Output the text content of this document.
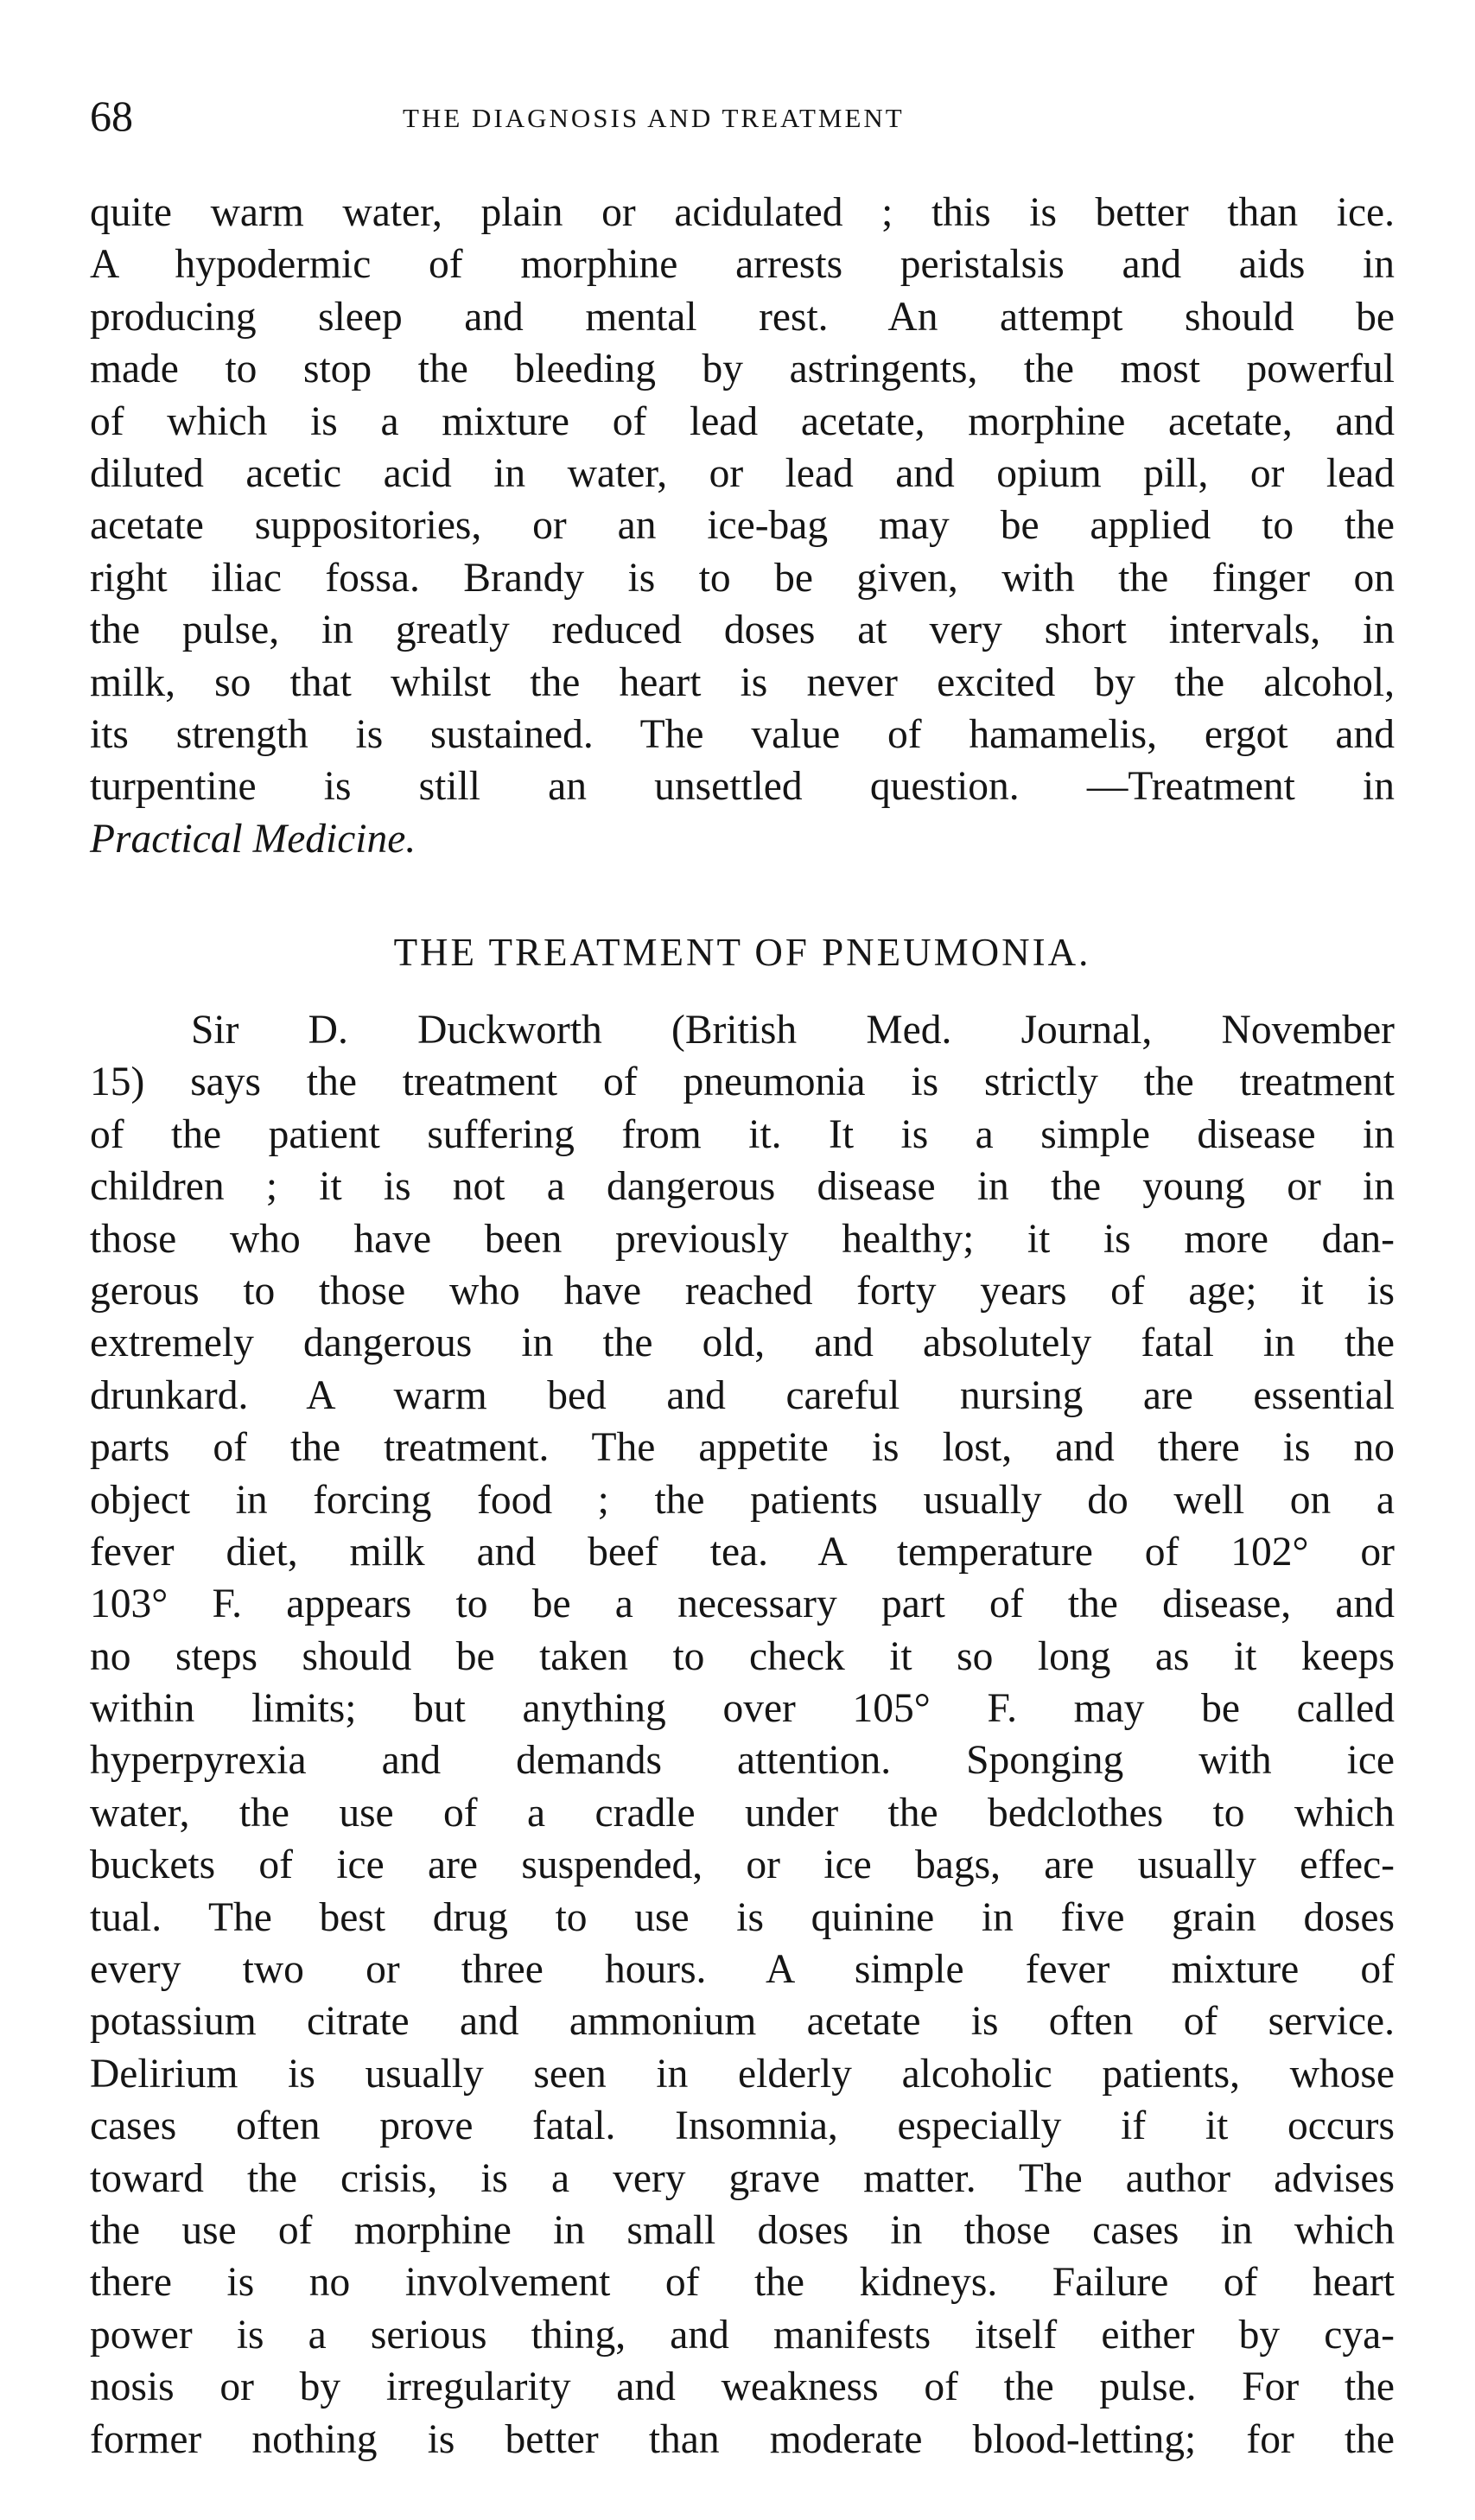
68	THE DIAGNOSIS AND TREATMENT

quite warm water, plain or acidulated ; this is better than ice.
A hypodermic of morphine arrests peristalsis and aids in
producing sleep and mental rest. An attempt should be
made to stop the bleeding by astringents, the most powerful
of which is a mixture of lead acetate, morphine acetate, and
diluted acetic acid in water, or lead and opium pill, or lead
acetate suppositories, or an ice-bag may be applied to the
right iliac fossa. Brandy is to be given, with the finger on
the pulse, in greatly reduced doses at very short intervals, in
milk, so that whilst the heart is never excited by the alcohol,
its strength is sustained. The value of hamamelis, ergot and
turpentine is still an unsettled question. —Treatment in
Practical Medicine.

THE TREATMENT OF PNEUMONIA.

Sir D. Duckworth (British Med. Journal, November
15) says the treatment of pneumonia is strictly the treatment
of the patient suffering from it. It is a simple disease in
children ; it is not a dangerous disease in the young or in
those who have been previously healthy; it is more dan-
gerous to those who have reached forty years of age; it is
extremely dangerous in the old, and absolutely fatal in the
drunkard. A warm bed and careful nursing are essential
parts of the treatment. The appetite is lost, and there is no
object in forcing food ; the patients usually do well on a
fever diet, milk and beef tea. A temperature of 102° or
103° F. appears to be a necessary part of the disease, and
no steps should be taken to check it so long as it keeps
within limits; but anything over 105° F. may be called
hyperpyrexia and demands attention. Sponging with ice
water, the use of a cradle under the bedclothes to which
buckets of ice are suspended, or ice bags, are usually effec-
tual. The best drug to use is quinine in five grain doses
every two or three hours. A simple fever mixture of
potassium citrate and ammonium acetate is often of service.
Delirium is usually seen in elderly alcoholic patients, whose
cases often prove fatal. Insomnia, especially if it occurs
toward the crisis, is a very grave matter. The author advises
the use of morphine in small doses in those cases in which
there is no involvement of the kidneys. Failure of heart
power is a serious thing, and manifests itself either by cya-
nosis or by irregularity and weakness of the pulse. For the
former nothing is better than moderate blood-letting; for the
